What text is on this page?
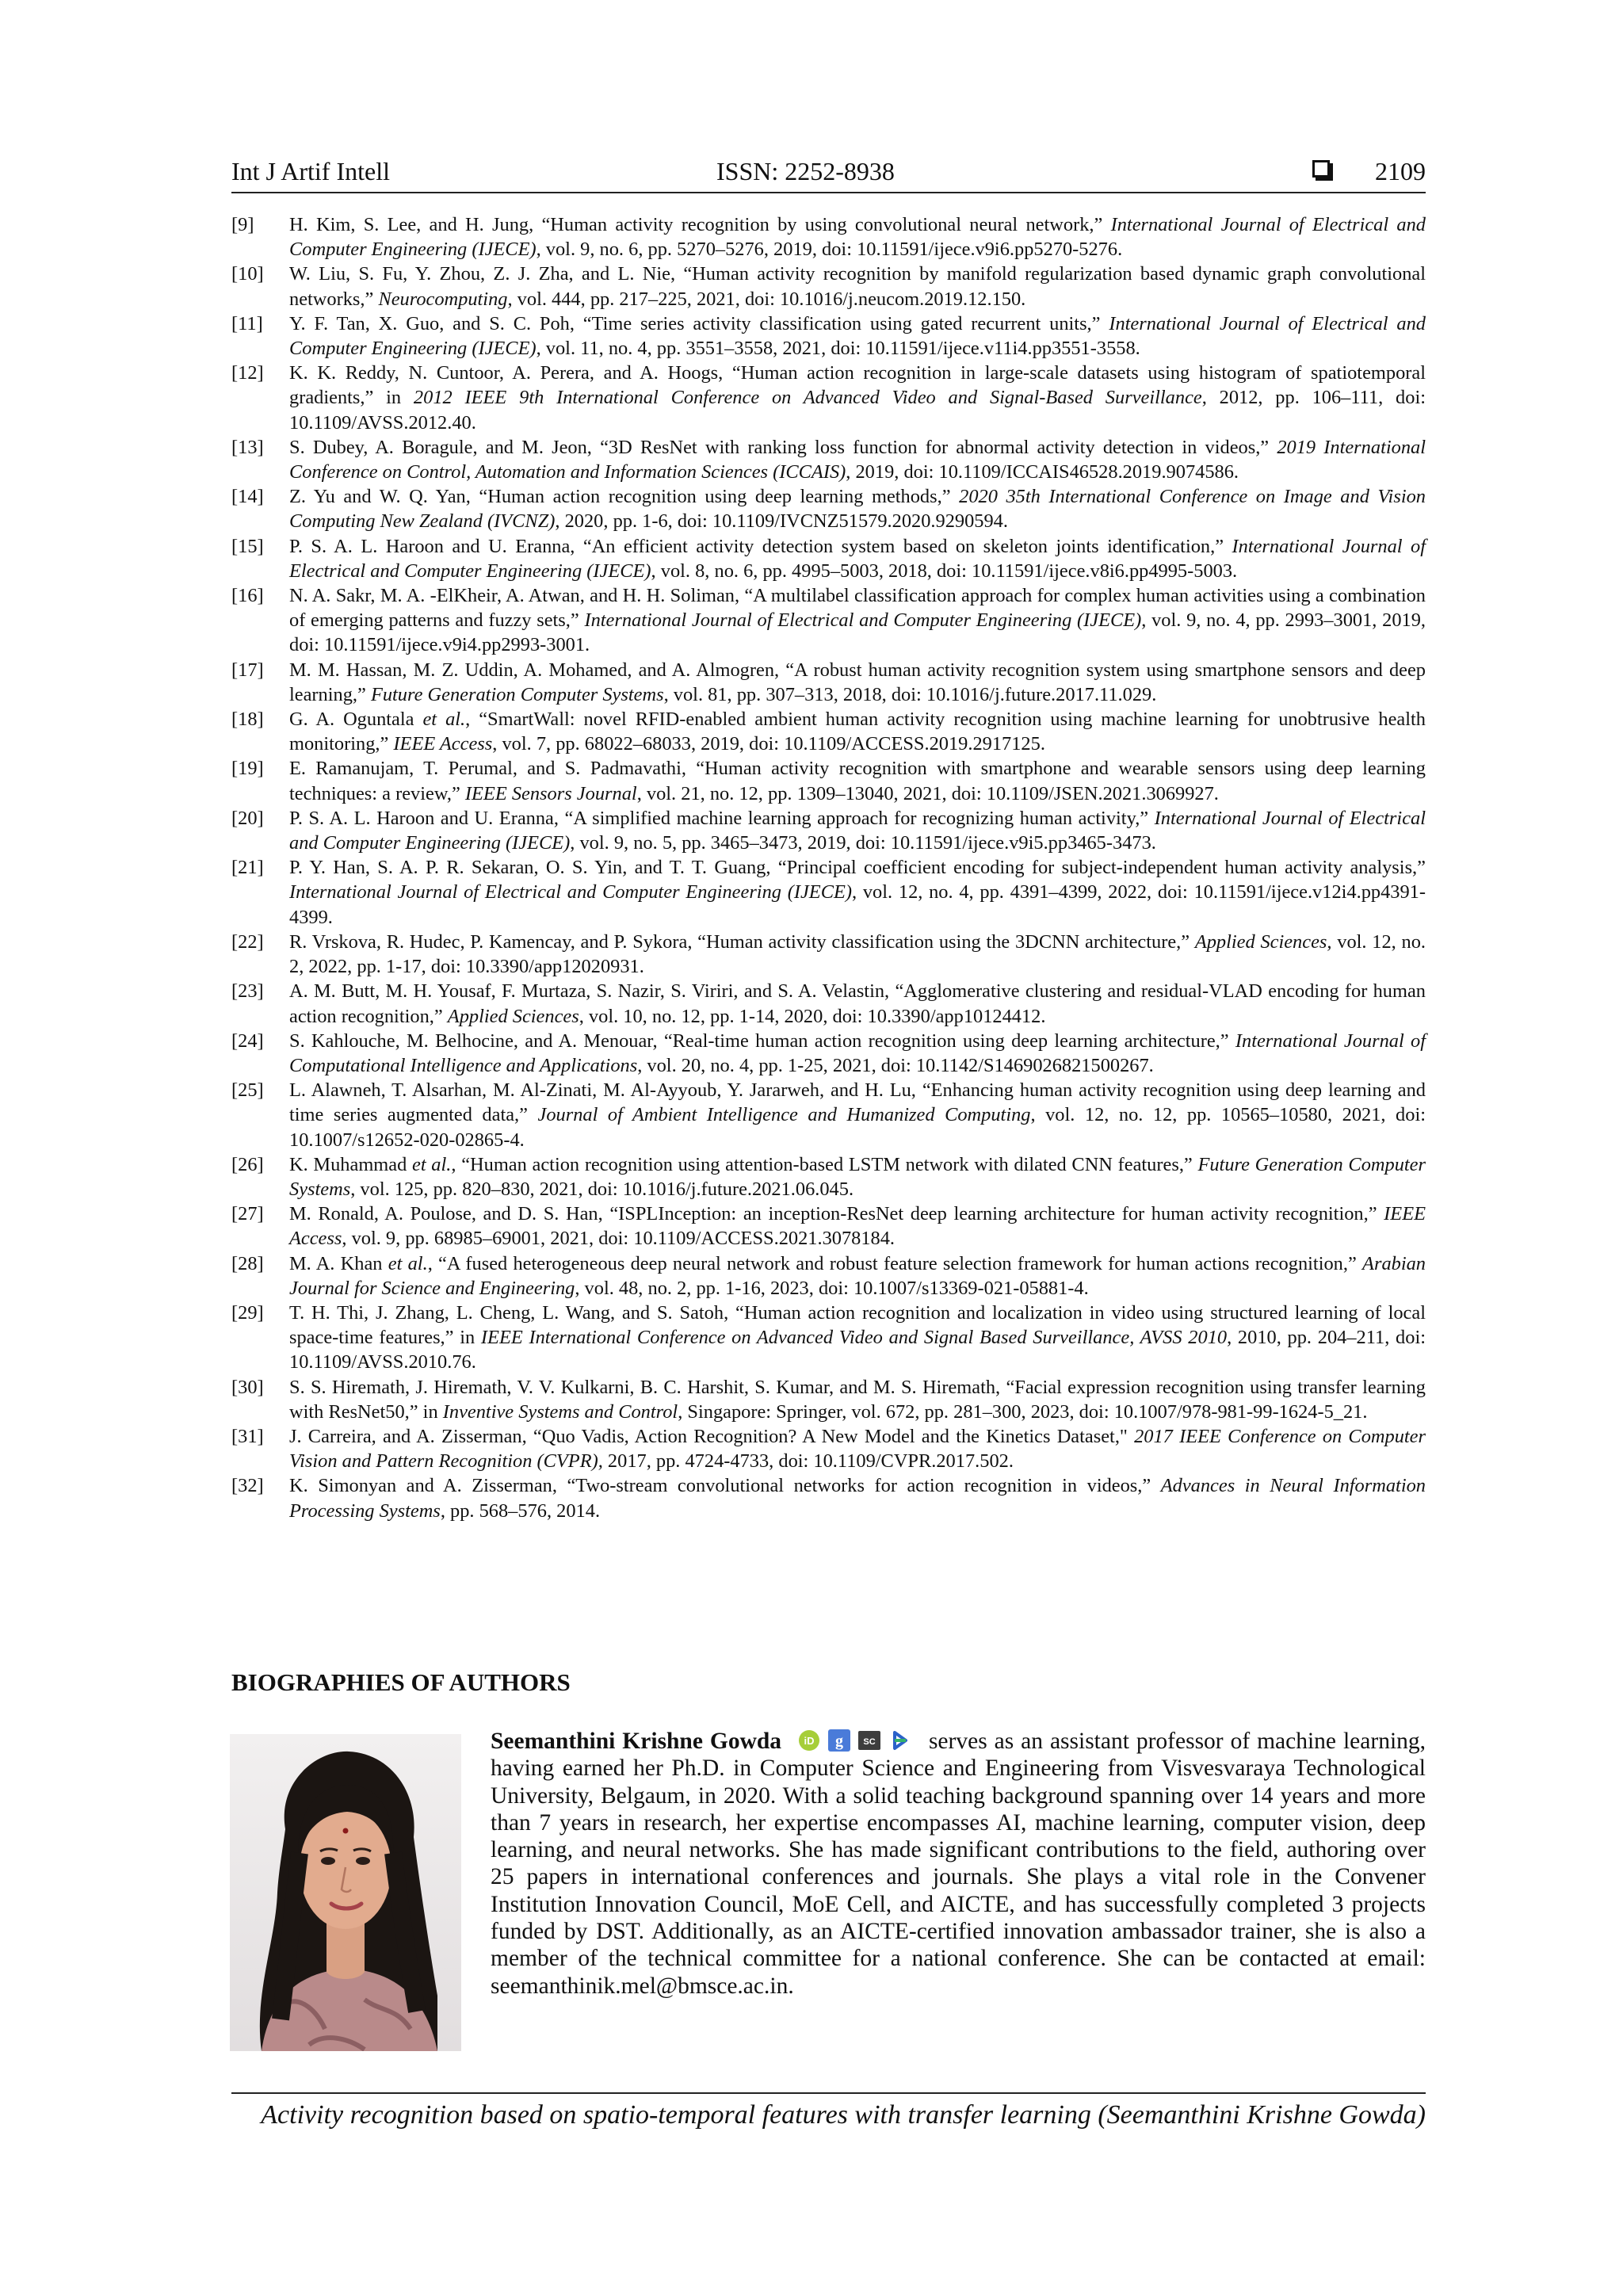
Int J Artif Intell	ISSN: 2252-8938	2109

[9] H. Kim, S. Lee, and H. Jung, “Human activity recognition by using convolutional neural network,” International Journal of Electrical and Computer Engineering (IJECE), vol. 9, no. 6, pp. 5270–5276, 2019, doi: 10.11591/ijece.v9i6.pp5270-5276.

[10] W. Liu, S. Fu, Y. Zhou, Z. J. Zha, and L. Nie, “Human activity recognition by manifold regularization based dynamic graph convolutional networks,” Neurocomputing, vol. 444, pp. 217–225, 2021, doi: 10.1016/j.neucom.2019.12.150.

[11] Y. F. Tan, X. Guo, and S. C. Poh, “Time series activity classification using gated recurrent units,” International Journal of Electrical and Computer Engineering (IJECE), vol. 11, no. 4, pp. 3551–3558, 2021, doi: 10.11591/ijece.v11i4.pp3551-3558.

[12] K. K. Reddy, N. Cuntoor, A. Perera, and A. Hoogs, “Human action recognition in large-scale datasets using histogram of spatiotemporal gradients,” in 2012 IEEE 9th International Conference on Advanced Video and Signal-Based Surveillance, 2012, pp. 106–111, doi: 10.1109/AVSS.2012.40.

[13] S. Dubey, A. Boragule, and M. Jeon, “3D ResNet with ranking loss function for abnormal activity detection in videos,” 2019 International Conference on Control, Automation and Information Sciences (ICCAIS), 2019, doi: 10.1109/ICCAIS46528.2019.9074586.

[14] Z. Yu and W. Q. Yan, “Human action recognition using deep learning methods,” 2020 35th International Conference on Image and Vision Computing New Zealand (IVCNZ), 2020, pp. 1-6, doi: 10.1109/IVCNZ51579.2020.9290594.

[15] P. S. A. L. Haroon and U. Eranna, “An efficient activity detection system based on skeleton joints identification,” International Journal of Electrical and Computer Engineering (IJECE), vol. 8, no. 6, pp. 4995–5003, 2018, doi: 10.11591/ijece.v8i6.pp4995-5003.

[16] N. A. Sakr, M. A. -ElKheir, A. Atwan, and H. H. Soliman, “A multilabel classification approach for complex human activities using a combination of emerging patterns and fuzzy sets,” International Journal of Electrical and Computer Engineering (IJECE), vol. 9, no. 4, pp. 2993–3001, 2019, doi: 10.11591/ijece.v9i4.pp2993-3001.

[17] M. M. Hassan, M. Z. Uddin, A. Mohamed, and A. Almogren, “A robust human activity recognition system using smartphone sensors and deep learning,” Future Generation Computer Systems, vol. 81, pp. 307–313, 2018, doi: 10.1016/j.future.2017.11.029.

[18] G. A. Oguntala et al., “SmartWall: novel RFID-enabled ambient human activity recognition using machine learning for unobtrusive health monitoring,” IEEE Access, vol. 7, pp. 68022–68033, 2019, doi: 10.1109/ACCESS.2019.2917125.

[19] E. Ramanujam, T. Perumal, and S. Padmavathi, “Human activity recognition with smartphone and wearable sensors using deep learning techniques: a review,” IEEE Sensors Journal, vol. 21, no. 12, pp. 1309–13040, 2021, doi: 10.1109/JSEN.2021.3069927.

[20] P. S. A. L. Haroon and U. Eranna, “A simplified machine learning approach for recognizing human activity,” International Journal of Electrical and Computer Engineering (IJECE), vol. 9, no. 5, pp. 3465–3473, 2019, doi: 10.11591/ijece.v9i5.pp3465-3473.

[21] P. Y. Han, S. A. P. R. Sekaran, O. S. Yin, and T. T. Guang, “Principal coefficient encoding for subject-independent human activity analysis,” International Journal of Electrical and Computer Engineering (IJECE), vol. 12, no. 4, pp. 4391–4399, 2022, doi: 10.11591/ijece.v12i4.pp4391-4399.

[22] R. Vrskova, R. Hudec, P. Kamencay, and P. Sykora, “Human activity classification using the 3DCNN architecture,” Applied Sciences, vol. 12, no. 2, 2022, pp. 1-17, doi: 10.3390/app12020931.

[23] A. M. Butt, M. H. Yousaf, F. Murtaza, S. Nazir, S. Viriri, and S. A. Velastin, “Agglomerative clustering and residual-VLAD encoding for human action recognition,” Applied Sciences, vol. 10, no. 12, pp. 1-14, 2020, doi: 10.3390/app10124412.

[24] S. Kahlouche, M. Belhocine, and A. Menouar, “Real-time human action recognition using deep learning architecture,” International Journal of Computational Intelligence and Applications, vol. 20, no. 4, pp. 1-25, 2021, doi: 10.1142/S1469026821500267.

[25] L. Alawneh, T. Alsarhan, M. Al-Zinati, M. Al-Ayyoub, Y. Jararweh, and H. Lu, “Enhancing human activity recognition using deep learning and time series augmented data,” Journal of Ambient Intelligence and Humanized Computing, vol. 12, no. 12, pp. 10565–10580, 2021, doi: 10.1007/s12652-020-02865-4.

[26] K. Muhammad et al., “Human action recognition using attention-based LSTM network with dilated CNN features,” Future Generation Computer Systems, vol. 125, pp. 820–830, 2021, doi: 10.1016/j.future.2021.06.045.

[27] M. Ronald, A. Poulose, and D. S. Han, “ISPLInception: an inception-ResNet deep learning architecture for human activity recognition,” IEEE Access, vol. 9, pp. 68985–69001, 2021, doi: 10.1109/ACCESS.2021.3078184.

[28] M. A. Khan et al., “A fused heterogeneous deep neural network and robust feature selection framework for human actions recognition,” Arabian Journal for Science and Engineering, vol. 48, no. 2, pp. 1-16, 2023, doi: 10.1007/s13369-021-05881-4.

[29] T. H. Thi, J. Zhang, L. Cheng, L. Wang, and S. Satoh, “Human action recognition and localization in video using structured learning of local space-time features,” in IEEE International Conference on Advanced Video and Signal Based Surveillance, AVSS 2010, 2010, pp. 204–211, doi: 10.1109/AVSS.2010.76.

[30] S. S. Hiremath, J. Hiremath, V. V. Kulkarni, B. C. Harshit, S. Kumar, and M. S. Hiremath, “Facial expression recognition using transfer learning with ResNet50,” in Inventive Systems and Control, Singapore: Springer, vol. 672, pp. 281–300, 2023, doi: 10.1007/978-981-99-1624-5_21.

[31] J. Carreira, and A. Zisserman, “Quo Vadis, Action Recognition? A New Model and the Kinetics Dataset," 2017 IEEE Conference on Computer Vision and Pattern Recognition (CVPR), 2017, pp. 4724-4733, doi: 10.1109/CVPR.2017.502.

[32] K. Simonyan and A. Zisserman, “Two-stream convolutional networks for action recognition in videos,” Advances in Neural Information Processing Systems, pp. 568–576, 2014.

BIOGRAPHIES OF AUTHORS
Seemanthini Krishne Gowda iD g SC serves as an assistant professor of machine learning, having earned her Ph.D. in Computer Science and Engineering from Visvesvaraya Technological University, Belgaum, in 2020. With a solid teaching background spanning over 14 years and more than 7 years in research, her expertise encompasses AI, machine learning, computer vision, deep learning, and neural networks. She has made significant contributions to the field, authoring over 25 papers in international conferences and journals. She plays a vital role in the Convener Institution Innovation Council, MoE Cell, and AICTE, and has successfully completed 3 projects funded by DST. Additionally, as an AICTE-certified innovation ambassador trainer, she is also a member of the technical committee for a national conference. She can be contacted at email: seemanthinik.mel@bmsce.ac.in.
Activity recognition based on spatio-temporal features with transfer learning (Seemanthini Krishne Gowda)
